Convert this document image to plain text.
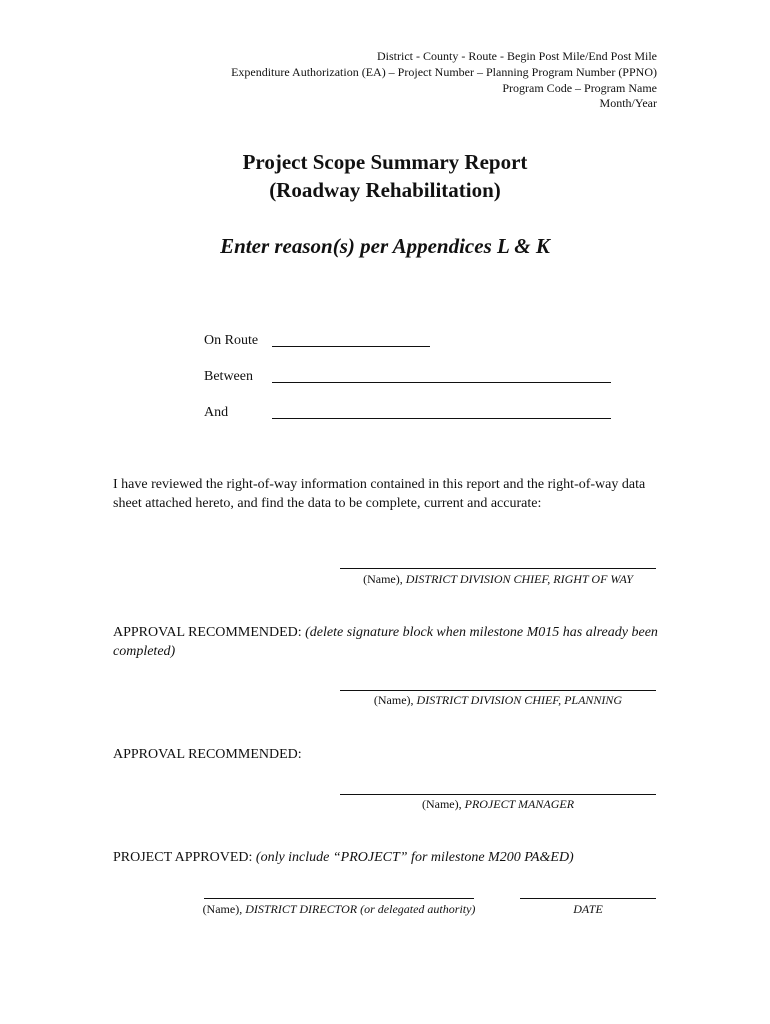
District - County - Route - Begin Post Mile/End Post Mile
Expenditure Authorization (EA) – Project Number – Planning Program Number (PPNO)
Program Code – Program Name
Month/Year
Project Scope Summary Report
(Roadway Rehabilitation)
Enter reason(s) per Appendices L & K
On Route
Between
And
I have reviewed the right-of-way information contained in this report and the right-of-way data sheet attached hereto, and find the data to be complete, current and accurate:
(Name), DISTRICT DIVISION CHIEF, RIGHT OF WAY
APPROVAL RECOMMENDED: (delete signature block when milestone M015 has already been completed)
(Name), DISTRICT DIVISION CHIEF, PLANNING
APPROVAL RECOMMENDED:
(Name), PROJECT MANAGER
PROJECT APPROVED: (only include “PROJECT” for milestone M200 PA&ED)
(Name), DISTRICT DIRECTOR (or delegated authority)	DATE
